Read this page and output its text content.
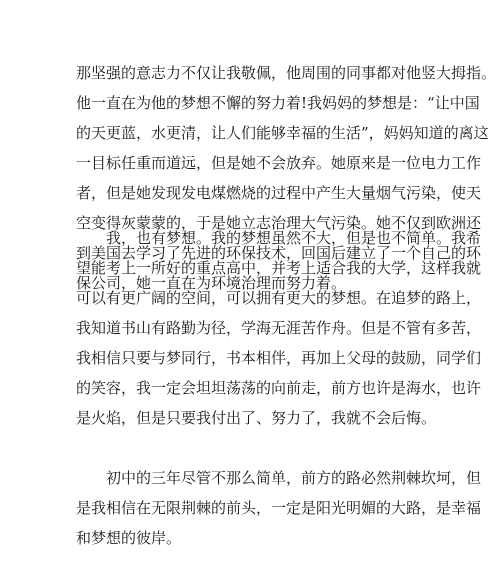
那坚强的意志力不仅让我敬佩，他周围的同事都对他竖大拇指。
他一直在为他的梦想不懈的努力着!我妈妈的梦想是：“让中国
的天更蓝，水更清，让人们能够幸福的生活”，妈妈知道的离这
一目标任重而道远，但是她不会放弃。她原来是一位电力工作
者，但是她发现发电煤燃烧的过程中产生大量烟气污染，使天
空变得灰蒙蒙的，于是她立志治理大气污染。她不仅到欧洲还
到美国去学习了先进的环保技术，回国后建立了一个自己的环
保公司，她一直在为环境治理而努力着。

我，也有梦想。我的梦想虽然不大，但是也不简单。我希
望能考上一所好的重点高中，并考上适合我的大学，这样我就
可以有更广阔的空间，可以拥有更大的梦想。在追梦的路上，
我知道书山有路勤为径，学海无涯苦作舟。但是不管有多苦，
我相信只要与梦同行，书本相伴，再加上父母的鼓励，同学们
的笑容，我一定会坦坦荡荡的向前走，前方也许是海水，也许
是火焰，但是只要我付出了、努力了，我就不会后悔。

初中的三年尽管不那么简单，前方的路必然荆棘坎坷，但
是我相信在无限荆棘的前头，一定是阳光明媚的大路，是幸福
和梦想的彼岸。
